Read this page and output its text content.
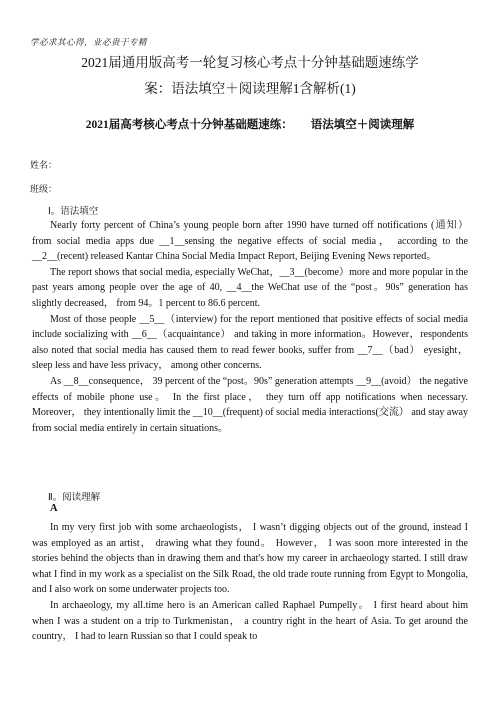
学必求其心得，业必贵于专精
2021届通用版高考一轮复习核心考点十分钟基础题速练学
案：语法填空＋阅读理解1含解析(1)
2021届高考核心考点十分钟基础题速练： 语法填空＋阅读理解
姓名：
班级：
Ⅰ。语法填空

Nearly forty percent of China’s young people born after 1990 have turned off notifications (通知） from social media apps due __1__sensing the negative effects of social media， according to the __2__(recent) released Kantar China Social Media Impact Report, Beijing Evening News reported。

The report shows that social media, especially WeChat，__3__(become）more and more popular in the past years among people over the age of 40, __4__the WeChat use of the “post。90s” generation has slightly decreased， from 94。1 percent to 86.6 percent.

Most of those people __5__（interview) for the report mentioned that positive effects of social media include socializing with __6__（acquaintance） and taking in more information。However，respondents also noted that social media has caused them to read fewer books, suffer from __7__（bad） eyesight， sleep less and have less privacy， among other concerns.

As __8__consequence， 39 percent of the “post。90s” generation attempts __9__(avoid） the negative effects of mobile phone use。 In the first place， they turn off app notifications when necessary. Moreover， they intentionally limit the __10__(frequent) of social media interactions(交流） and stay away from social media entirely in certain situations。

Ⅱ。阅读理解
A

In my very first job with some archaeologists， I wasn’t digging objects out of the ground, instead I was employed as an artist， drawing what they found。 However， I was soon more interested in the stories behind the objects than in drawing them and that's how my career in archaeology started. I still draw what I find in my work as a specialist on the Silk Road, the old trade route running from Egypt to Mongolia, and I also work on some underwater projects too.

In archaeology, my all.time hero is an American called Raphael Pumpelly。 I first heard about him when I was a student on a trip to Turkmenistan， a country right in the heart of Asia. To get around the country， I had to learn Russian so that I could speak to
